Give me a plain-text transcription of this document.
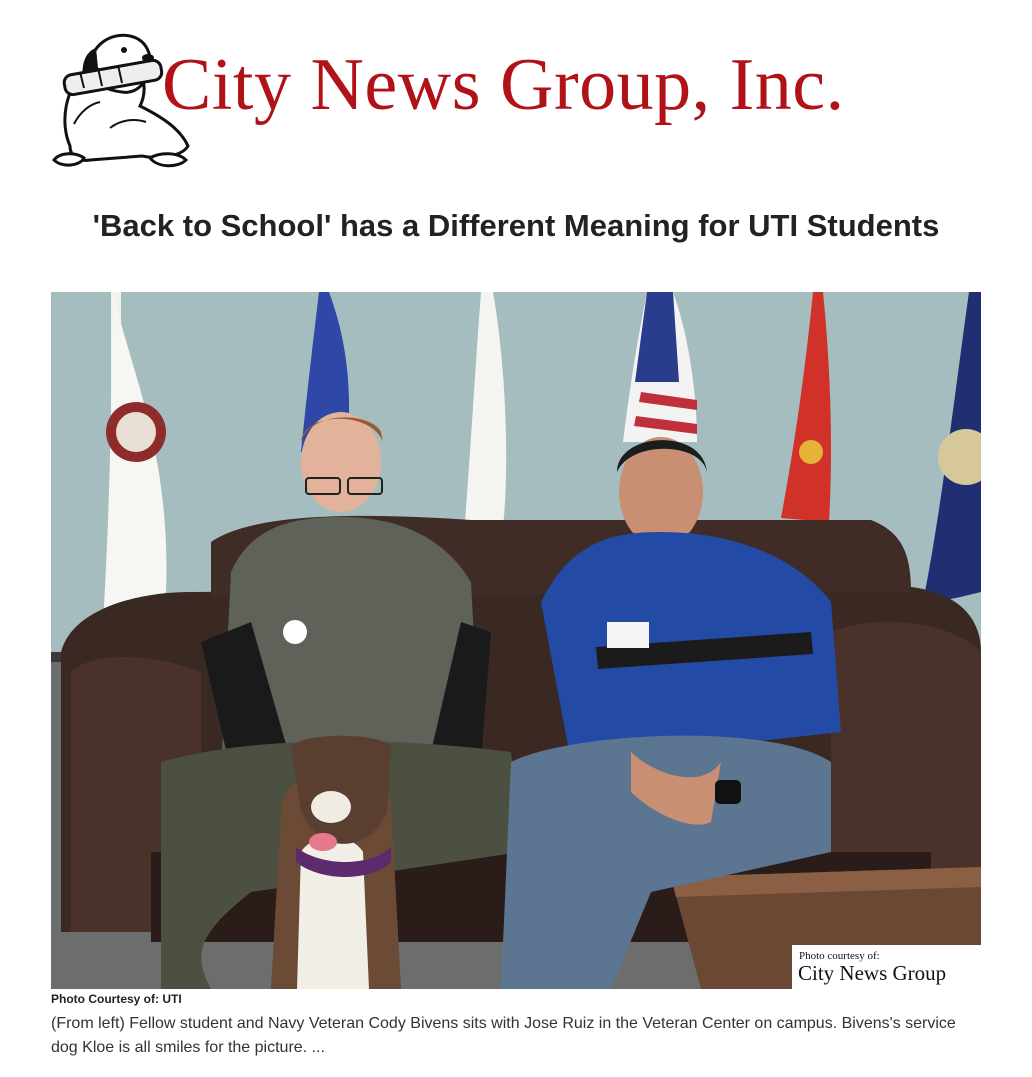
City News Group, Inc.
'Back to School' has a Different Meaning for UTI Students
Photo courtesy of:
City News Group
Photo Courtesy of: UTI

(From left) Fellow student and Navy Veteran Cody Bivens sits with Jose Ruiz in the Veteran Center on campus. Bivens's service dog Kloe is all smiles for the picture. ...
